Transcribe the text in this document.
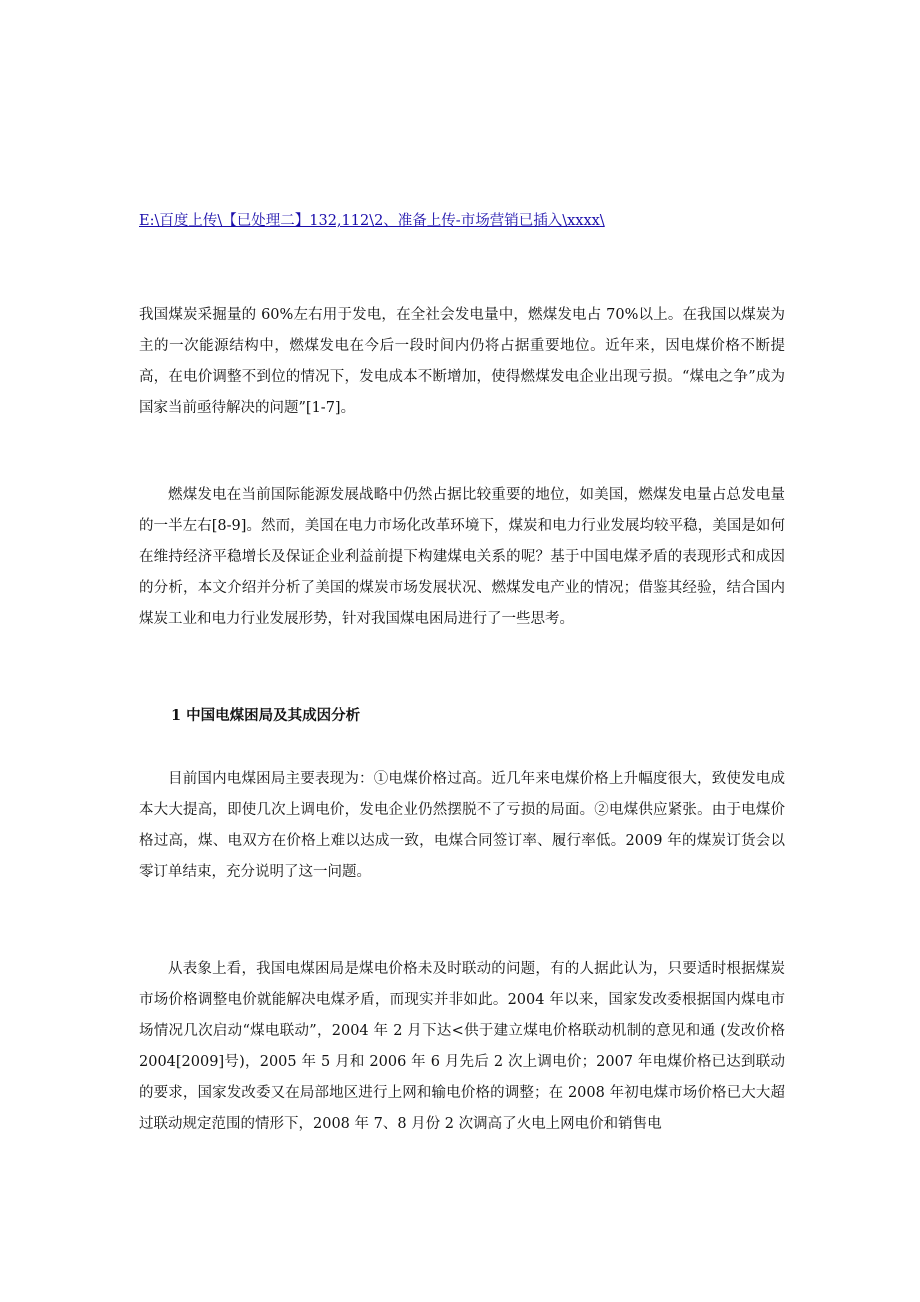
E:\百度上传\【已处理二】132,112\2、准备上传-市场营销已插入\xxxx\

我国煤炭采掘量的 60%左右用于发电，在全社会发电量中，燃煤发电占 70%以上。在我国以煤炭为主的一次能源结构中，燃煤发电在今后一段时间内仍将占据重要地位。近年来，因电煤价格不断提高，在电价调整不到位的情况下，发电成本不断增加，使得燃煤发电企业出现亏损。“煤电之争”成为国家当前亟待解决的问题”[1-7]。

燃煤发电在当前国际能源发展战略中仍然占据比较重要的地位，如美国，燃煤发电量占总发电量的一半左右[8-9]。然而，美国在电力市场化改革环境下，煤炭和电力行业发展均较平稳，美国是如何在维持经济平稳增长及保证企业利益前提下构建煤电关系的呢？基于中国电煤矛盾的表现形式和成因的分析，本文介绍并分析了美国的煤炭市场发展状况、燃煤发电产业的情况；借鉴其经验，结合国内煤炭工业和电力行业发展形势，针对我国煤电困局进行了一些思考。

1 中国电煤困局及其成因分析

目前国内电煤困局主要表现为：①电煤价格过高。近几年来电煤价格上升幅度很大，致使发电成本大大提高，即使几次上调电价，发电企业仍然摆脱不了亏损的局面。②电煤供应紧张。由于电煤价格过高，煤、电双方在价格上难以达成一致，电煤合同签订率、履行率低。2009 年的煤炭订货会以零订单结束，充分说明了这一问题。

从表象上看，我国电煤困局是煤电价格未及时联动的问题，有的人据此认为，只要适时根据煤炭市场价格调整电价就能解决电煤矛盾，而现实并非如此。2004 年以来，国家发改委根据国内煤电市场情况几次启动“煤电联动”，2004 年 2 月下达<供于建立煤电价格联动机制的意见和通 (发改价格 2004[2009]号)，2005 年 5 月和 2006 年 6 月先后 2 次上调电价；2007 年电煤价格已达到联动的要求，国家发改委又在局部地区进行上网和输电价格的调整；在 2008 年初电煤市场价格已大大超过联动规定范围的情形下，2008 年 7、8 月份 2 次调高了火电上网电价和销售电
